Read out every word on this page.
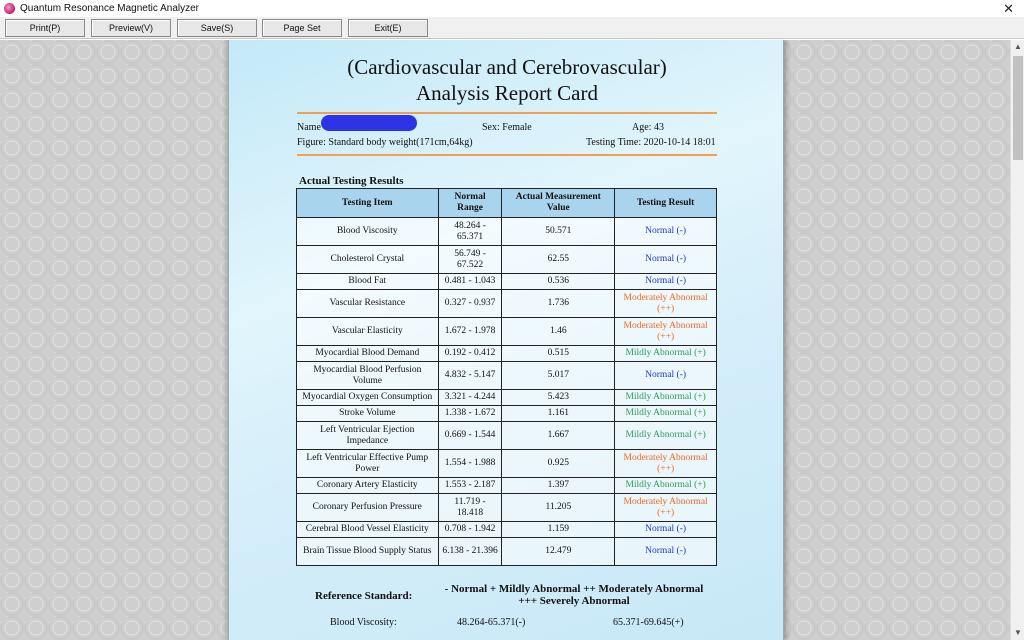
Quantum Resonance Magnetic Analyzer	✕
Print(P)	Preview(V)	Save(S)	Page Set	Exit(E)
(Cardiovascular and Cerebrovascular)
Analysis Report Card
Name	Sex: Female	Age: 43
Figure: Standard body weight(171cm,64kg)	Testing Time: 2020-10-14 18:01
Actual Testing Results
Testing Item	Normal Range	Actual Measurement Value	Testing Result
Blood Viscosity	48.264 - 65.371	50.571	Normal (-)
Cholesterol Crystal	56.749 - 67.522	62.55	Normal (-)
Blood Fat	0.481 - 1.043	0.536	Normal (-)
Vascular Resistance	0.327 - 0.937	1.736	Moderately Abnormal (++)
Vascular Elasticity	1.672 - 1.978	1.46	Moderately Abnormal (++)
Myocardial Blood Demand	0.192 - 0.412	0.515	Mildly Abnormal (+)
Myocardial Blood Perfusion Volume	4.832 - 5.147	5.017	Normal (-)
Myocardial Oxygen Consumption	3.321 - 4.244	5.423	Mildly Abnormal (+)
Stroke Volume	1.338 - 1.672	1.161	Mildly Abnormal (+)
Left Ventricular Ejection Impedance	0.669 - 1.544	1.667	Mildly Abnormal (+)
Left Ventricular Effective Pump Power	1.554 - 1.988	0.925	Moderately Abnormal (++)
Coronary Artery Elasticity	1.553 - 2.187	1.397	Mildly Abnormal (+)
Coronary Perfusion Pressure	11.719 - 18.418	11.205	Moderately Abnormal (++)
Cerebral Blood Vessel Elasticity	0.708 - 1.942	1.159	Normal (-)
Brain Tissue Blood Supply Status	6.138 - 21.396	12.479	Normal (-)
Reference Standard:
- Normal + Mildly Abnormal ++ Moderately Abnormal
+++ Severely Abnormal
Blood Viscosity:	48.264-65.371(-)	65.371-69.645(+)
▲
▼
